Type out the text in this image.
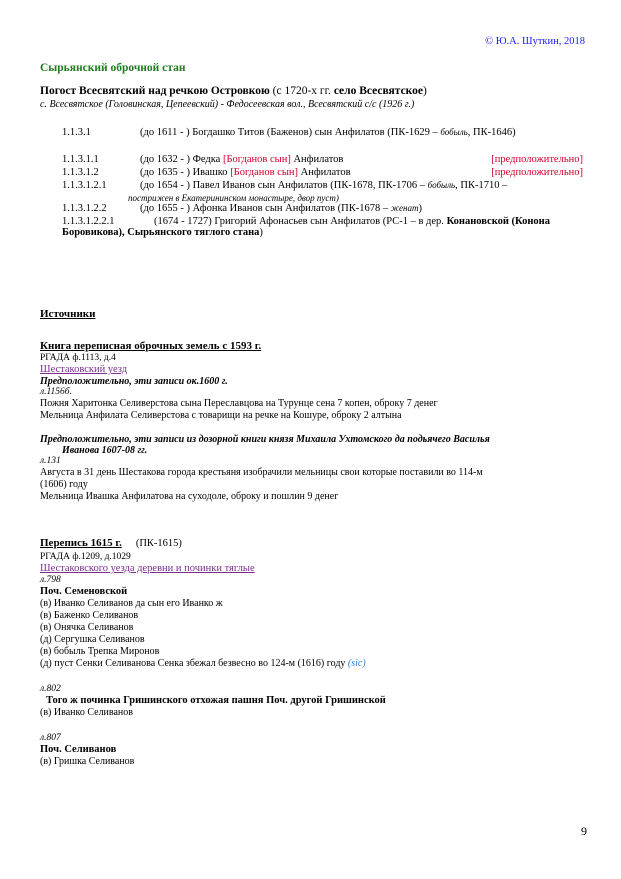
© Ю.А. Шуткин, 2018
Сырьянский оброчной стан
Погост Всесвятский над речкою Островкою (с 1720-х гг. село Всесвятское)
с. Всесвятское (Головинская, Цепеевский) - Федосеевская вол., Всесвятский с/с (1926 г.)
1.1.3.1	(до 1611 - ) Богдашко Титов (Баженов) сын Анфилатов (ПК-1629 – бобыль, ПК-1646)
1.1.3.1.1	(до 1632 - ) Федка [Богданов сын] Анфилатов	[предположительно]
1.1.3.1.2	(до 1635 - ) Ивашко [Богданов сын] Анфилатов	[предположительно]
1.1.3.1.2.1	(до 1654 - ) Павел Иванов сын Анфилатов (ПК-1678, ПК-1706 – бобыль, ПК-1710 –
пострижен в Екатерининском монастыре, двор пуст)
1.1.3.1.2.2	(до 1655 - ) Афонка Иванов сын Анфилатов (ПК-1678 – женат)
1.1.3.1.2.2.1	(1674 - 1727) Григорий Афонасьев сын Анфилатов (РС-1 – в дер. Конановской (Конона Боровикова), Сырьянского тяглого стана)
Источники
Книга переписная оброчных земель с 1593 г.
РГАДА ф.1113, д.4
Шестаковский уезд
Предположительно, эти записи ок.1600 г.
л.1156б.
Пожня Харитонка Селиверстова сына Переславцова на Турунце сена 7 копен, оброку 7 денег
Мельница Анфилата Селиверстова с товарищи на речке на Кошуре, оброку 2 алтына
Предположительно, эти записи из дозорной книги князя Михаила Ухтомского да подьячего Василья
Иванова 1607-08 гг.
л.131
Августа в 31 день Шестакова города крестьяня изобрачили мельницы свои которые поставили во 114-м
(1606) году
Мельница Ивашка Анфилатова на суходоле, оброку и пошлин 9 денег
Перепись 1615 г. (ПК-1615)
РГАДА ф.1209, д.1029
Шестаковского уезда деревни и починки тяглые
л.798
Поч. Семеновской
(в) Иванко Селиванов да сын его Иванко ж
(в) Баженко Селиванов
(в) Онячка Селиванов
(д) Сергушка Селиванов
(в) бобыль Трепка Миронов
(д) пуст Сенки Селиванова Сенка збежал безвесно во 124-м (1616) году (sic)
л.802
Того ж починка Гришинского отхожая пашня Поч. другой Гришинской
(в) Иванко Селиванов
л.807
Поч. Селиванов
(в) Гришка Селиванов
9
